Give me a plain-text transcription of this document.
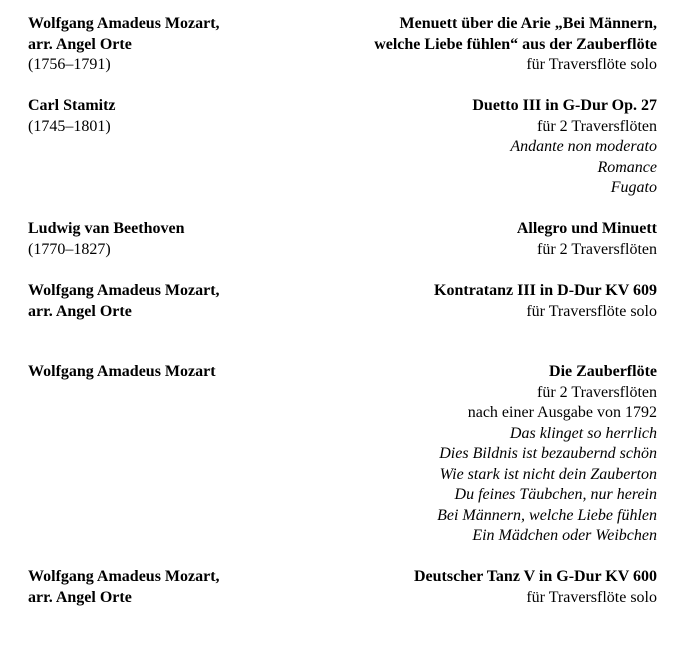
Wolfgang Amadeus Mozart,
arr. Angel Orte
(1756–1791)
Menuett über die Arie „Bei Männern,
welche Liebe fühlen“ aus der Zauberflöte
für Traversflöte solo
Carl Stamitz
(1745–1801)
Duetto III in G-Dur Op. 27
für 2 Traversflöten
Andante non moderato
Romance
Fugato
Ludwig van Beethoven
(1770–1827)
Allegro und Minuett
für 2 Traversflöten
Wolfgang Amadeus Mozart,
arr. Angel Orte
Kontratanz III in D-Dur KV 609
für Traversflöte solo
Wolfgang Amadeus Mozart	Die Zauberflöte
für 2 Traversflöten
nach einer Ausgabe von 1792
Das klinget so herrlich
Dies Bildnis ist bezaubernd schön
Wie stark ist nicht dein Zauberton
Du feines Täubchen, nur herein
Bei Männern, welche Liebe fühlen
Ein Mädchen oder Weibchen
Wolfgang Amadeus Mozart,
arr. Angel Orte
Deutscher Tanz V in G-Dur KV 600
für Traversflöte solo
